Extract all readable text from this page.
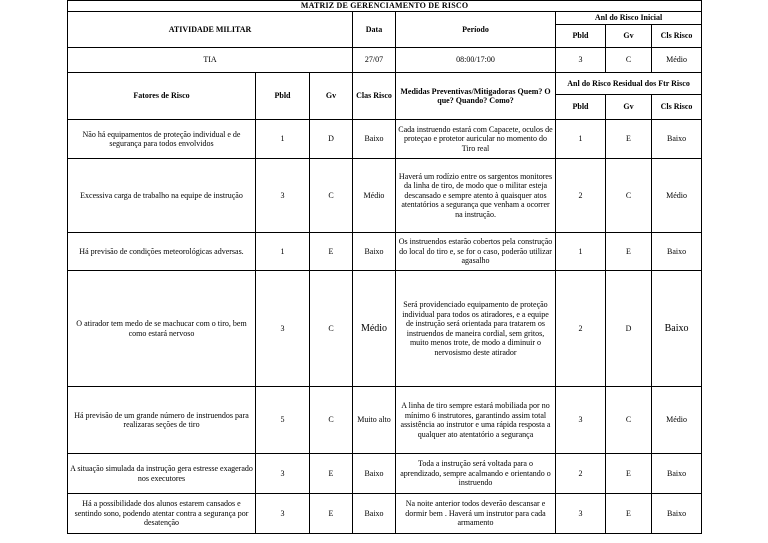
MATRIZ DE GERENCIAMENTO DE RISCO							
ATIVIDADE MILITAR			Data	Período	Anl do Risco Inicial		
					Pbld	Gv	Cls Risco
TIA			27/07	08:00/17:00	3	C	Médio
Fatores de Risco	Pbld	Gv	Clas Risco	Medidas Preventivas/Mitigadoras Quem? O que? Quando? Como?	Anl do Risco Residual dos Ftr Risco		
					Pbld	Gv	Cls Risco
Não há equipamentos de proteção individual e de segurança para todos envolvidos	1	D	Baixo	Cada instruendo estará com Capacete, oculos de proteçao e protetor auricular no momento do Tiro real	1	E	Baixo
Excessiva carga de trabalho na equipe de instrução	3	C	Médio	Haverá um rodízio entre os sargentos monitores da linha de tiro, de modo que o militar esteja descansado e sempre atento à quaisquer atos atentatórios a segurança que venham a ocorrer na instrução.	2	C	Médio
Há previsão de condições meteorológicas adversas.	1	E	Baixo	Os instruendos estarão cobertos pela construção do local do tiro e, se for o caso, poderão utilizar agasalho	1	E	Baixo
O atirador tem medo de se machucar com o tiro, bem como estará nervoso	3	C	Médio	Será providenciado equipamento de proteção individual para todos os atiradores, e a equipe de instrução será orientada para tratarem os instruendos de maneira cordial, sem gritos, muito menos trote, de modo a diminuir o nervosismo deste atirador	2	D	Baixo
Há previsão de um grande número de instruendos para realizaras seções de tiro	5	C	Muito alto	A linha de tiro sempre estará mobiliada por no mínimo 6 instrutores, garantindo assim total assistência ao instrutor e uma rápida resposta a qualquer ato atentatório a segurança	3	C	Médio
A situação simulada da instrução gera estresse exagerado nos executores	3	E	Baixo	Toda a instrução será voltada para o aprendizado, sempre acalmando e orientando o instruendo	2	E	Baixo
Há a possibilidade dos alunos estarem cansados e sentindo sono, podendo atentar contra a segurança por desatenção	3	E	Baixo	Na noite anterior todos deverão descansar e dormir bem . Haverá um instrutor para cada armamento	3	E	Baixo
